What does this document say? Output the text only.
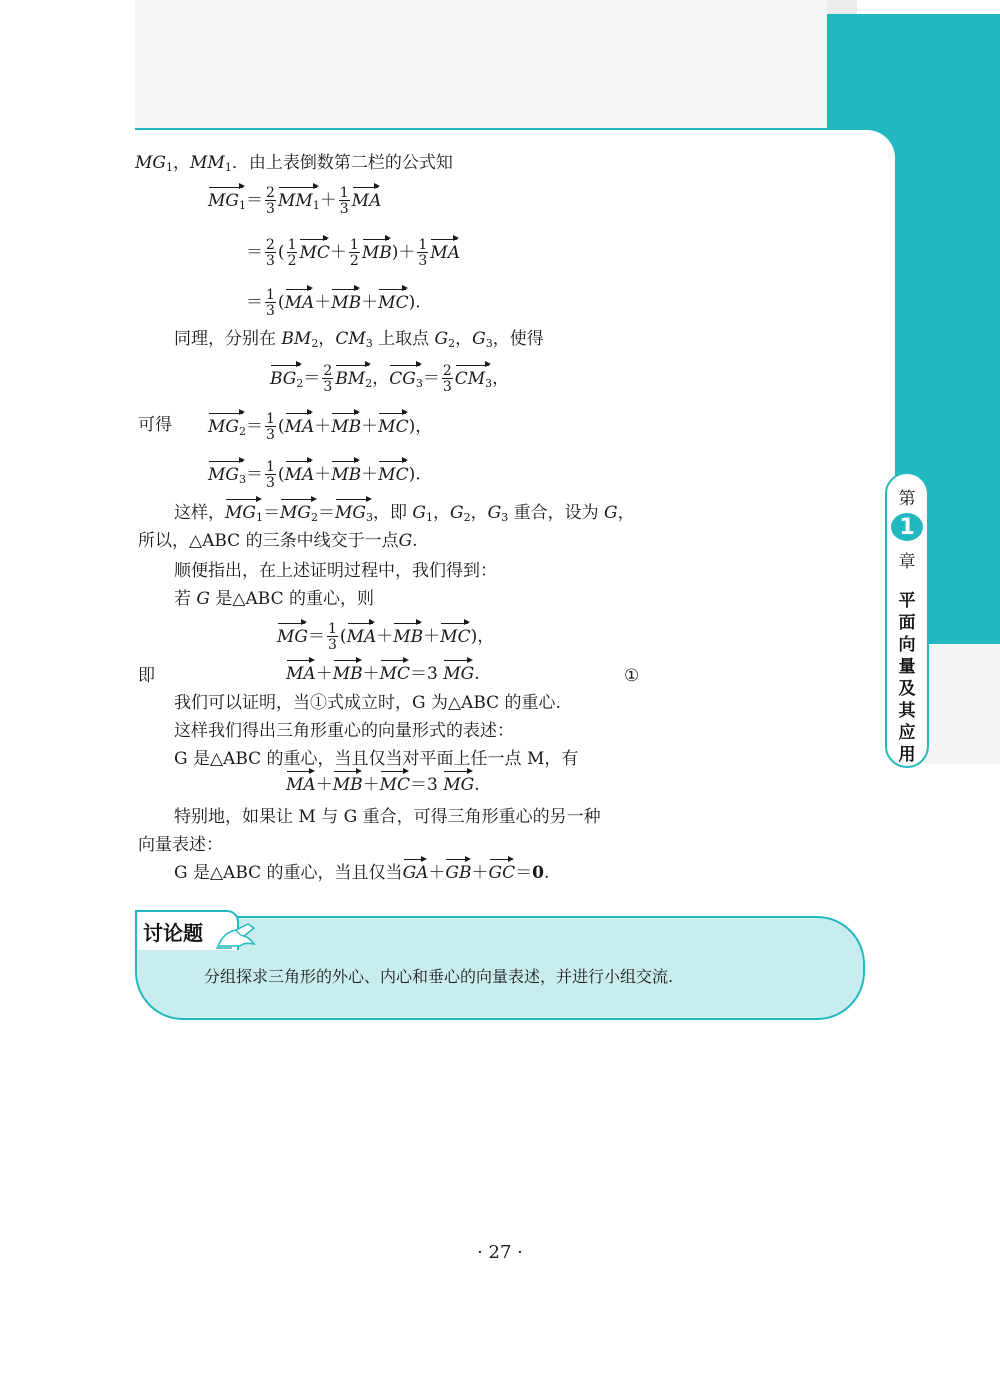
第
1
章
平 面 向 量 及 其 应 用
$MG_1$，$MM_1$．由上表倒数第二栏的公式知
$MG_1= \frac{2}{3} MM_1+ \frac{1}{3}$ MA
＝ $\frac{2}{3}$ ( $\frac{1}{2} MC+ \frac{1}{2} MB)+ \frac{1}{3}$ MA
＝ $\frac{1}{3} (MA+MB+MC)$.
同理，分别在 $BM_2$，$CM_3$ 上取点 $G_2$，$G_3$，使得
$BG_2= \frac{2}{3} BM_2$，$CG_3= \frac{2}{3} CM_3$，
可得 $MG_2= \frac{1}{3} (MA+MB+MC)$，
$MG_3= \frac{1}{3} (MA+MB+MC)$.
这样，$MG_1=MG_2=MG_3$，即 $G_1$，$G_2$，$G_3$ 重合，设为 G，
所以，△ABC 的三条中线交于一点G.
顺便指出，在上述证明过程中，我们得到：
若 G 是△ABC 的重心，则
$MG= \frac{1}{3} (MA+MB+MC)$，
即	MA＋MB＋MC＝3 MG.	①
我们可以证明，当①式成立时，G 为△ABC 的重心.
这样我们得出三角形重心的向量形式的表述：
G 是△ABC 的重心，当且仅当对平面上任一点 M，有
MA＋MB＋MC＝3 MG.
特别地，如果让 M 与 G 重合，可得三角形重心的另一种
向量表述：
G 是△ABC 的重心，当且仅当GA＋GB＋GC＝0.
讨论题
分组探求三角形的外心、内心和垂心的向量表述，并进行小组交流.
· 27 ·
